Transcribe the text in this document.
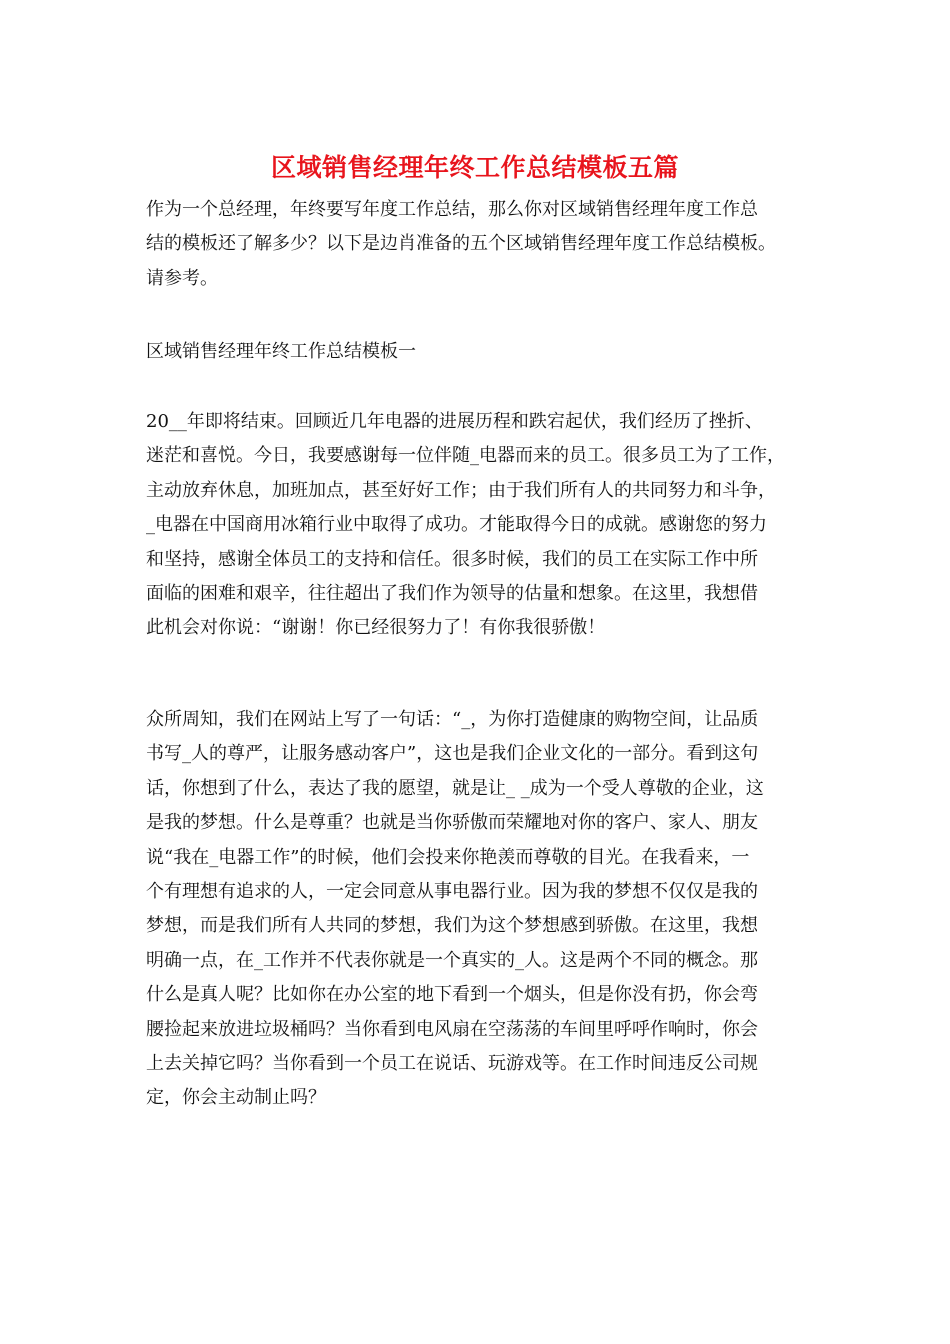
区域销售经理年终工作总结模板五篇
作为一个总经理，年终要写年度工作总结，那么你对区域销售经理年度工作总
结的模板还了解多少？以下是边肖准备的五个区域销售经理年度工作总结模板。
请参考。
区域销售经理年终工作总结模板一
20__年即将结束。回顾近几年电器的进展历程和跌宕起伏，我们经历了挫折、
迷茫和喜悦。今日，我要感谢每一位伴随_电器而来的员工。很多员工为了工作，
主动放弃休息，加班加点，甚至好好工作；由于我们所有人的共同努力和斗争，
_电器在中国商用冰箱行业中取得了成功。才能取得今日的成就。感谢您的努力
和坚持，感谢全体员工的支持和信任。很多时候，我们的员工在实际工作中所
面临的困难和艰辛，往往超出了我们作为领导的估量和想象。在这里，我想借
此机会对你说：“谢谢！你已经很努力了！有你我很骄傲！
众所周知，我们在网站上写了一句话：“_，为你打造健康的购物空间，让品质
书写_人的尊严，让服务感动客户”，这也是我们企业文化的一部分。看到这句
话，你想到了什么，表达了我的愿望，就是让_ _成为一个受人尊敬的企业，这
是我的梦想。什么是尊重？也就是当你骄傲而荣耀地对你的客户、家人、朋友
说“我在_电器工作”的时候，他们会投来你艳羡而尊敬的目光。在我看来，一
个有理想有追求的人，一定会同意从事电器行业。因为我的梦想不仅仅是我的
梦想，而是我们所有人共同的梦想，我们为这个梦想感到骄傲。在这里，我想
明确一点，在_工作并不代表你就是一个真实的_人。这是两个不同的概念。那
什么是真人呢？比如你在办公室的地下看到一个烟头，但是你没有扔，你会弯
腰捡起来放进垃圾桶吗？当你看到电风扇在空荡荡的车间里呼呼作响时，你会
上去关掉它吗？当你看到一个员工在说话、玩游戏等。在工作时间违反公司规
定，你会主动制止吗？
